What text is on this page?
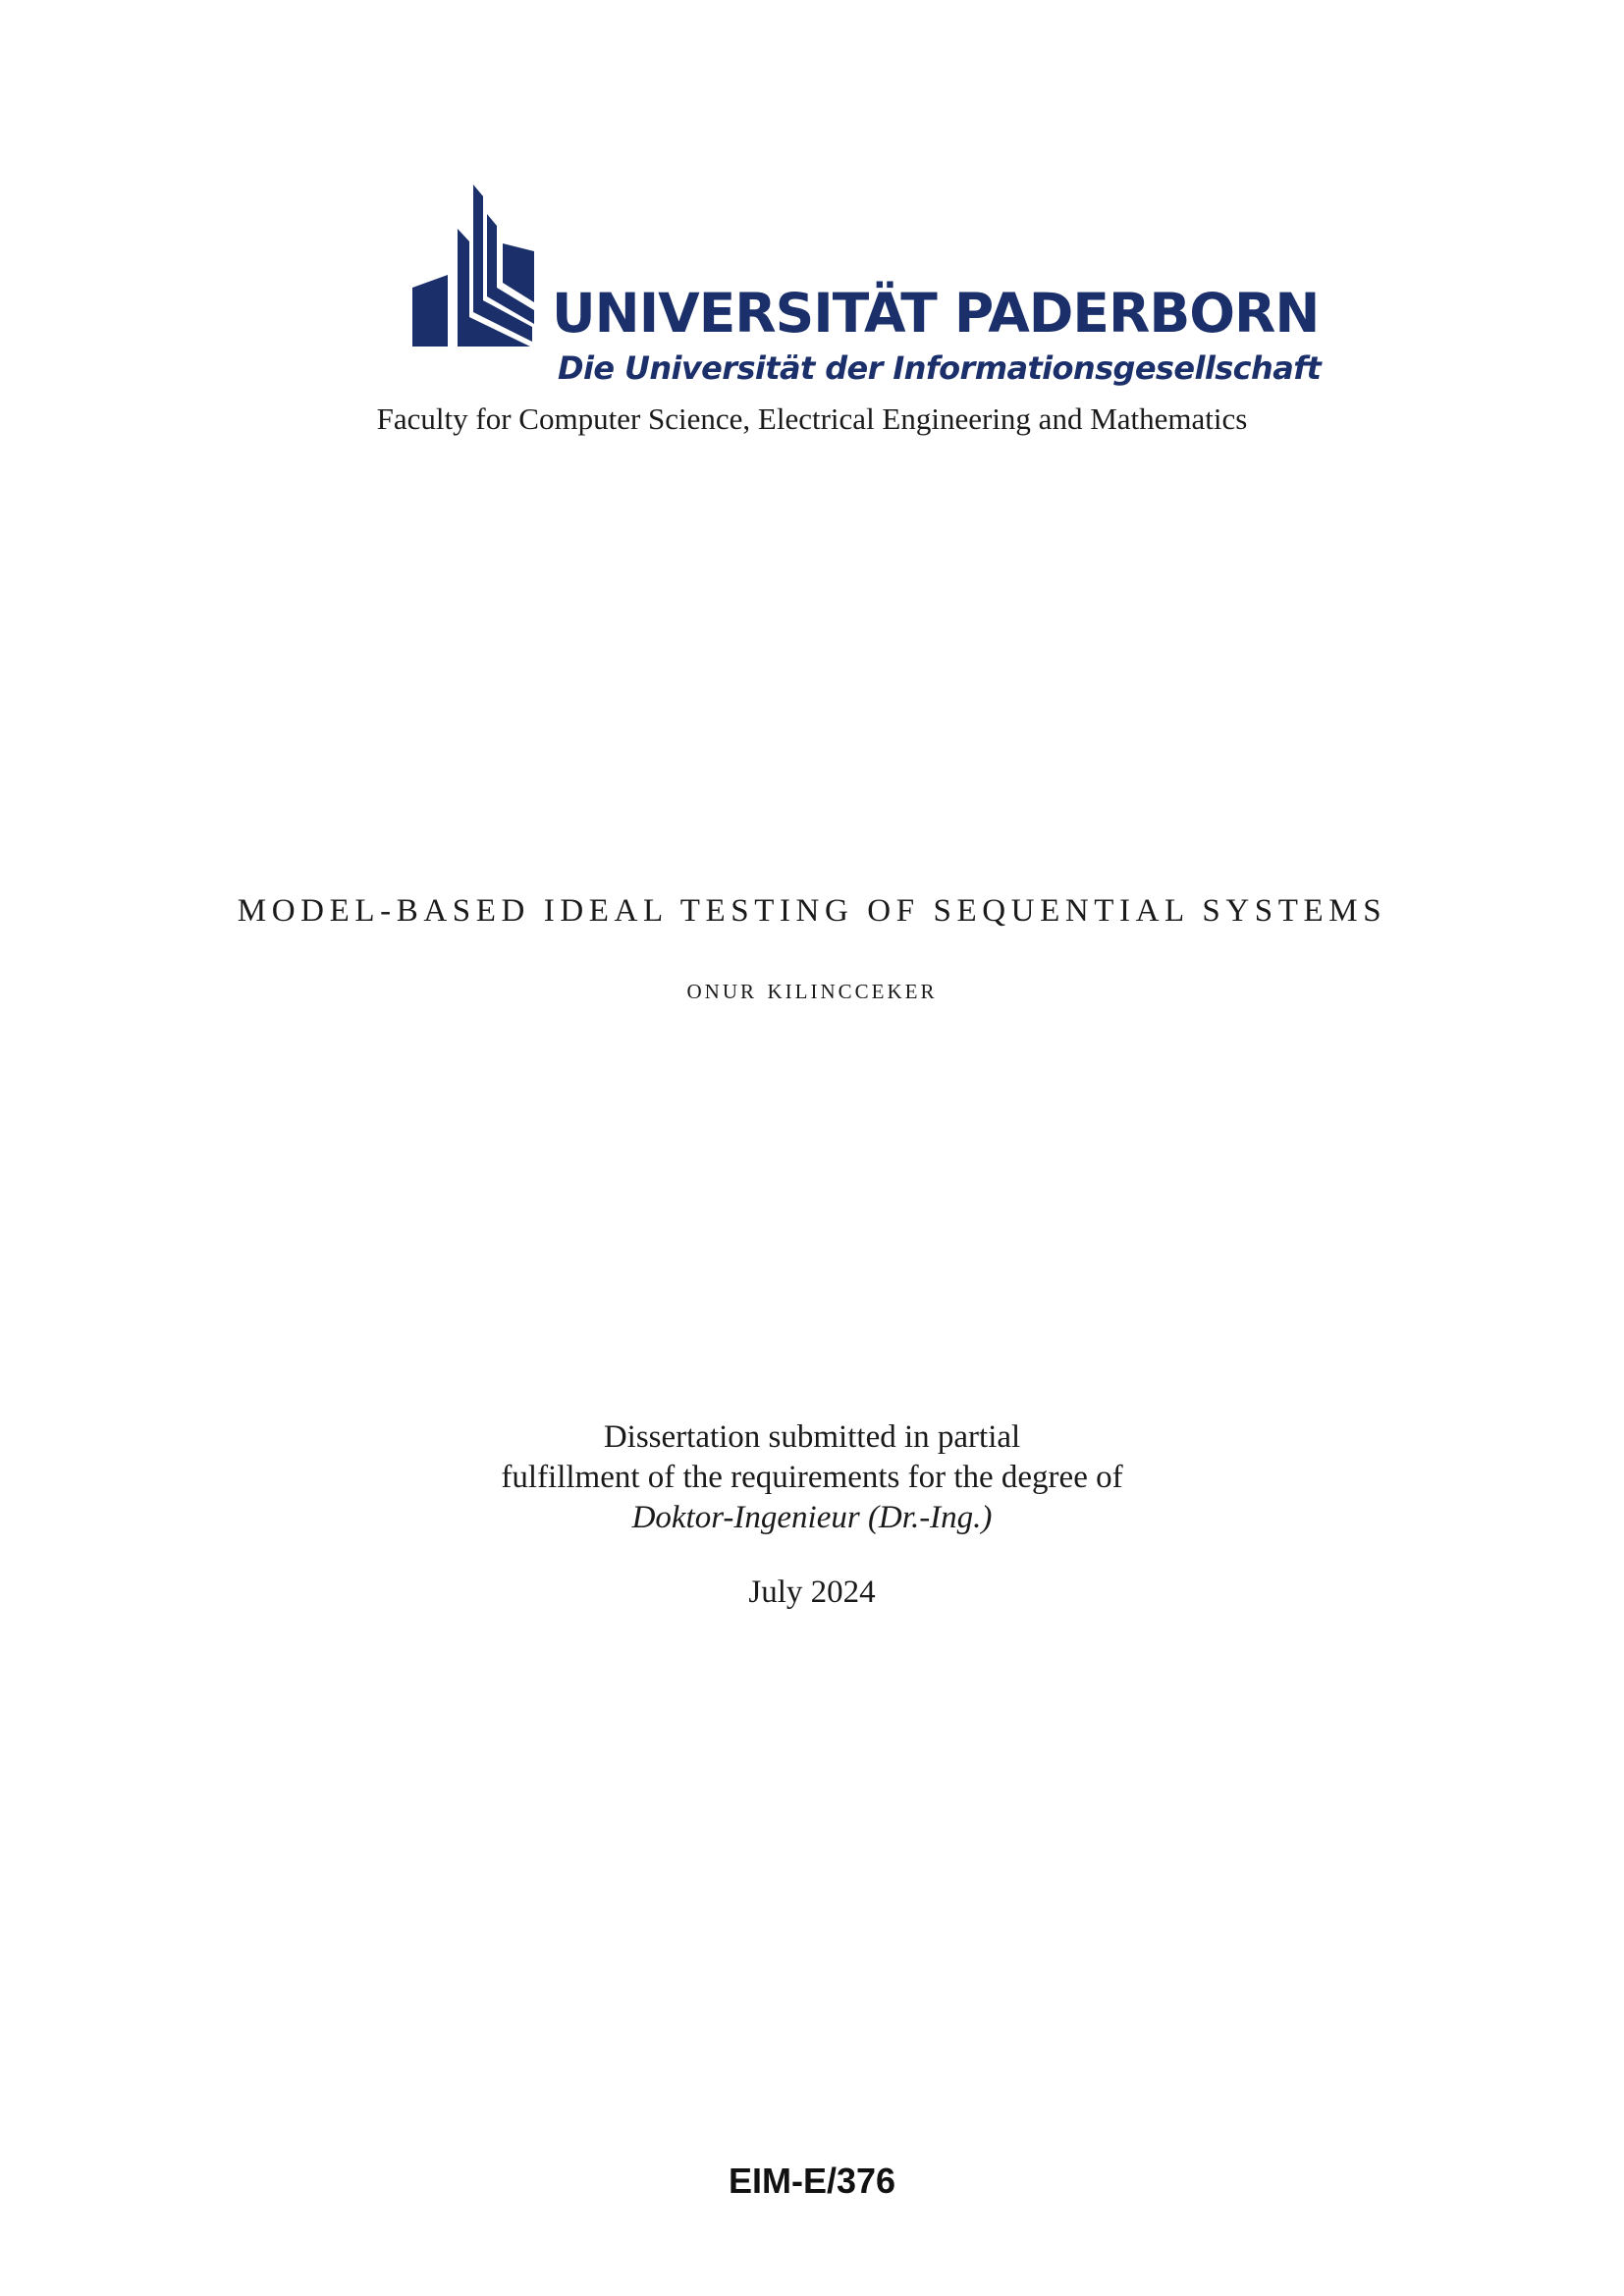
UNIVERSITÄT PADERBORN
Die Universität der Informationsgesellschaft
Faculty for Computer Science, Electrical Engineering and Mathematics
MODEL-BASED IDEAL TESTING OF SEQUENTIAL SYSTEMS
onur kilincceker
Dissertation submitted in partial
fulfillment of the requirements for the degree of
Doktor-Ingenieur (Dr.-Ing.)
July 2024
EIM-E/376
